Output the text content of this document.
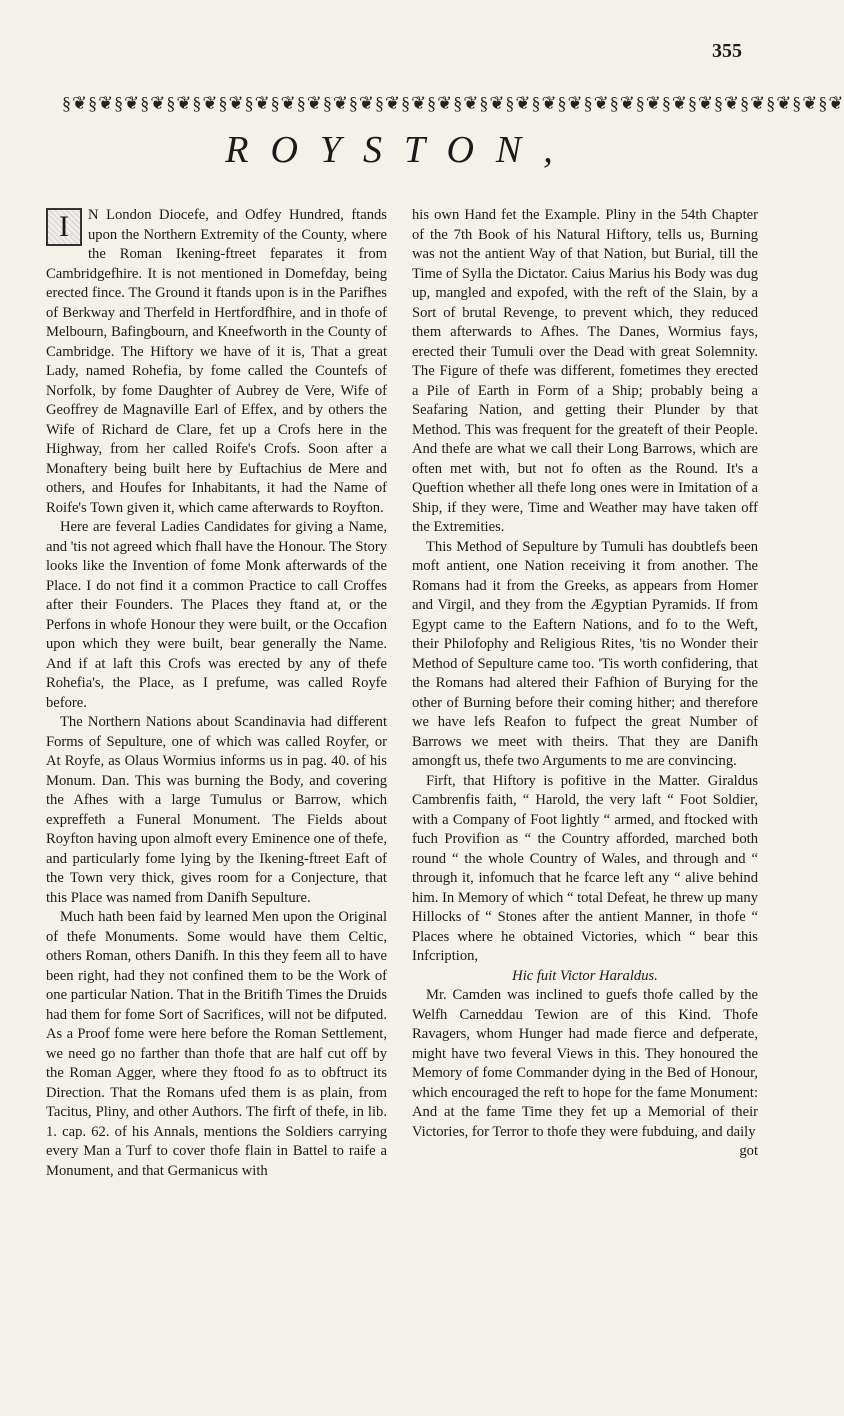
355
§❦§❦§❦§❦§❦§❦§❦§❦§❦§❦§❦§❦§❦§❦§❦§❦§❦§❦§❦§❦§❦§❦§❦§❦§❦§❦§❦§❦§❦§❦
ROYSTON,

I	N London Diocefe, and Odfey Hundred, ftands upon the Northern Extremity of the County, where the Roman Ikening-ftreet feparates it from Cambridgefhire. It is not mentioned in Domefday, being erected fince. The Ground it ftands upon is in the Parifhes of Berkway and Therfeld in Hertfordfhire, and in thofe of Melbourn, Bafingbourn, and Kneefworth in the County of Cambridge. The Hiftory we have of it is, That a great Lady, named Rohefia, by fome called the Countefs of Norfolk, by fome Daughter of Aubrey de Vere, Wife of Geoffrey de Magnaville Earl of Effex, and by others the Wife of Richard de Clare, fet up a Crofs here in the Highway, from her called Roife's Crofs. Soon after a Monaftery being built here by Euftachius de Mere and others, and Houfes for Inhabitants, it had the Name of Roife's Town given it, which came afterwards to Royfton.

Here are feveral Ladies Candidates for giving a Name, and 'tis not agreed which fhall have the Honour. The Story looks like the Invention of fome Monk afterwards of the Place. I do not find it a common Practice to call Croffes after their Founders. The Places they ftand at, or the Perfons in whofe Honour they were built, or the Occafion upon which they were built, bear generally the Name. And if at laft this Crofs was erected by any of thefe Rohefia's, the Place, as I prefume, was called Royfe before.

The Northern Nations about Scandinavia had different Forms of Sepulture, one of which was called Royfer, or At Royfe, as Olaus Wormius informs us in pag. 40. of his Monum. Dan. This was burning the Body, and covering the Afhes with a large Tumulus or Barrow, which expreffeth a Funeral Monument. The Fields about Royfton having upon almoft every Eminence one of thefe, and particularly fome lying by the Ikening-ftreet Eaft of the Town very thick, gives room for a Conjecture, that this Place was named from Danifh Sepulture.

Much hath been faid by learned Men upon the Original of thefe Monuments. Some would have them Celtic, others Roman, others Danifh. In this they feem all to have been right, had they not confined them to be the Work of one particular Nation. That in the Britifh Times the Druids had them for fome Sort of Sacrifices, will not be difputed. As a Proof fome were here before the Roman Settlement, we need go no farther than thofe that are half cut off by the Roman Agger, where they ftood fo as to obftruct its Direction. That the Romans ufed them is as plain, from Tacitus, Pliny, and other Authors. The firft of thefe, in lib. 1. cap. 62. of his Annals, mentions the Soldiers carrying every Man a Turf to cover thofe flain in Battel to raife a Monument, and that Germanicus with

his own Hand fet the Example. Pliny in the 54th Chapter of the 7th Book of his Natural Hiftory, tells us, Burning was not the antient Way of that Nation, but Burial, till the Time of Sylla the Dictator. Caius Marius his Body was dug up, mangled and expofed, with the reft of the Slain, by a Sort of brutal Revenge, to prevent which, they reduced them afterwards to Afhes. The Danes, Wormius fays, erected their Tumuli over the Dead with great Solemnity. The Figure of thefe was different, fometimes they erected a Pile of Earth in Form of a Ship; probably being a Seafaring Nation, and getting their Plunder by that Method. This was frequent for the greateft of their People. And thefe are what we call their Long Barrows, which are often met with, but not fo often as the Round. It's a Queftion whether all thefe long ones were in Imitation of a Ship, if they were, Time and Weather may have taken off the Extremities.

This Method of Sepulture by Tumuli has doubtlefs been moft antient, one Nation receiving it from another. The Romans had it from the Greeks, as appears from Homer and Virgil, and they from the Ægyptian Pyramids. If from Egypt came to the Eaftern Nations, and fo to the Weft, their Philofophy and Religious Rites, 'tis no Wonder their Method of Sepulture came too. 'Tis worth confidering, that the Romans had altered their Fafhion of Burying for the other of Burning before their coming hither; and therefore we have lefs Reafon to fufpect the great Number of Barrows we meet with theirs. That they are Danifh amongft us, thefe two Arguments to me are convincing.

Firft, that Hiftory is pofitive in the Matter. Giraldus Cambrenfis faith, “ Harold, the very laft “ Foot Soldier, with a Company of Foot lightly “ armed, and ftocked with fuch Provifion as “ the Country afforded, marched both round “ the whole Country of Wales, and through and “ through it, infomuch that he fcarce left any “ alive behind him. In Memory of which “ total Defeat, he threw up many Hillocks of “ Stones after the antient Manner, in thofe “ Places where he obtained Victories, which “ bear this Infcription,

Hic fuit Victor Haraldus.

Mr. Camden was inclined to guefs thofe called by the Welfh Carneddau Tewion are of this Kind. Thofe Ravagers, whom Hunger had made fierce and defperate, might have two feveral Views in this. They honoured the Memory of fome Commander dying in the Bed of Honour, which encouraged the reft to hope for the fame Monument: And at the fame Time they fet up a Memorial of their Victories, for Terror to thofe they were fubduing, and daily

got
